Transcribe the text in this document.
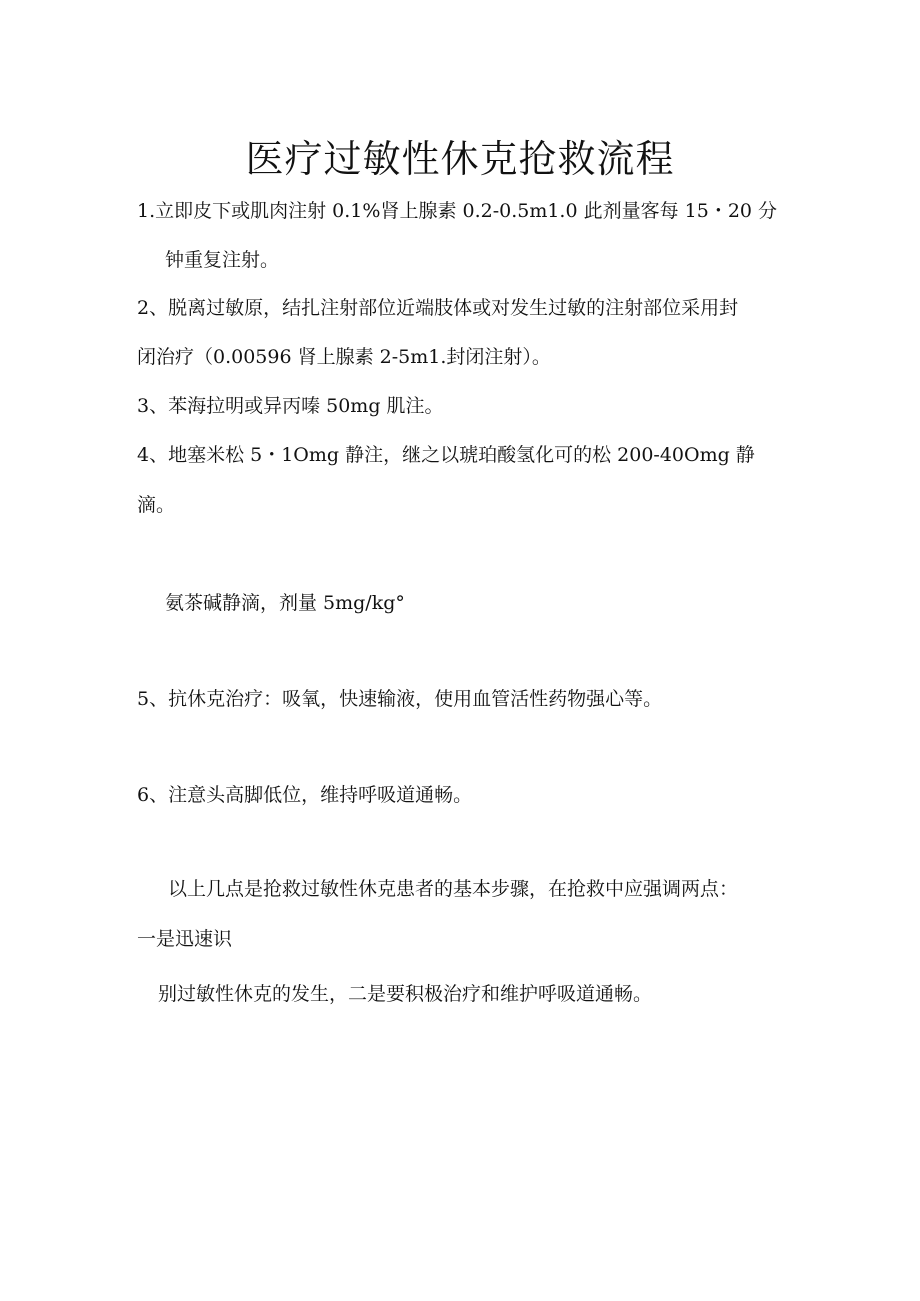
医疗过敏性休克抢救流程
1.立即皮下或肌肉注射 0.1%肾上腺素 0.2-0.5m1.0 此剂量客每 15・20 分
钟重复注射。
2、脱离过敏原，结扎注射部位近端肢体或对发生过敏的注射部位采用封
闭治疗（0.00596 肾上腺素 2-5m1.封闭注射）。
3、苯海拉明或异丙嗪 50mg 肌注。
4、地塞米松 5・1Omg 静注，继之以琥珀酸氢化可的松 200-40Omg 静
滴。
氨茶碱静滴，剂量 5mg∕kg°
5、抗休克治疗：吸氧，快速输液，使用血管活性药物强心等。
6、注意头高脚低位，维持呼吸道通畅。
以上几点是抢救过敏性休克患者的基本步骤，在抢救中应强调两点：
一是迅速识
别过敏性休克的发生，二是要积极治疗和维护呼吸道通畅。
